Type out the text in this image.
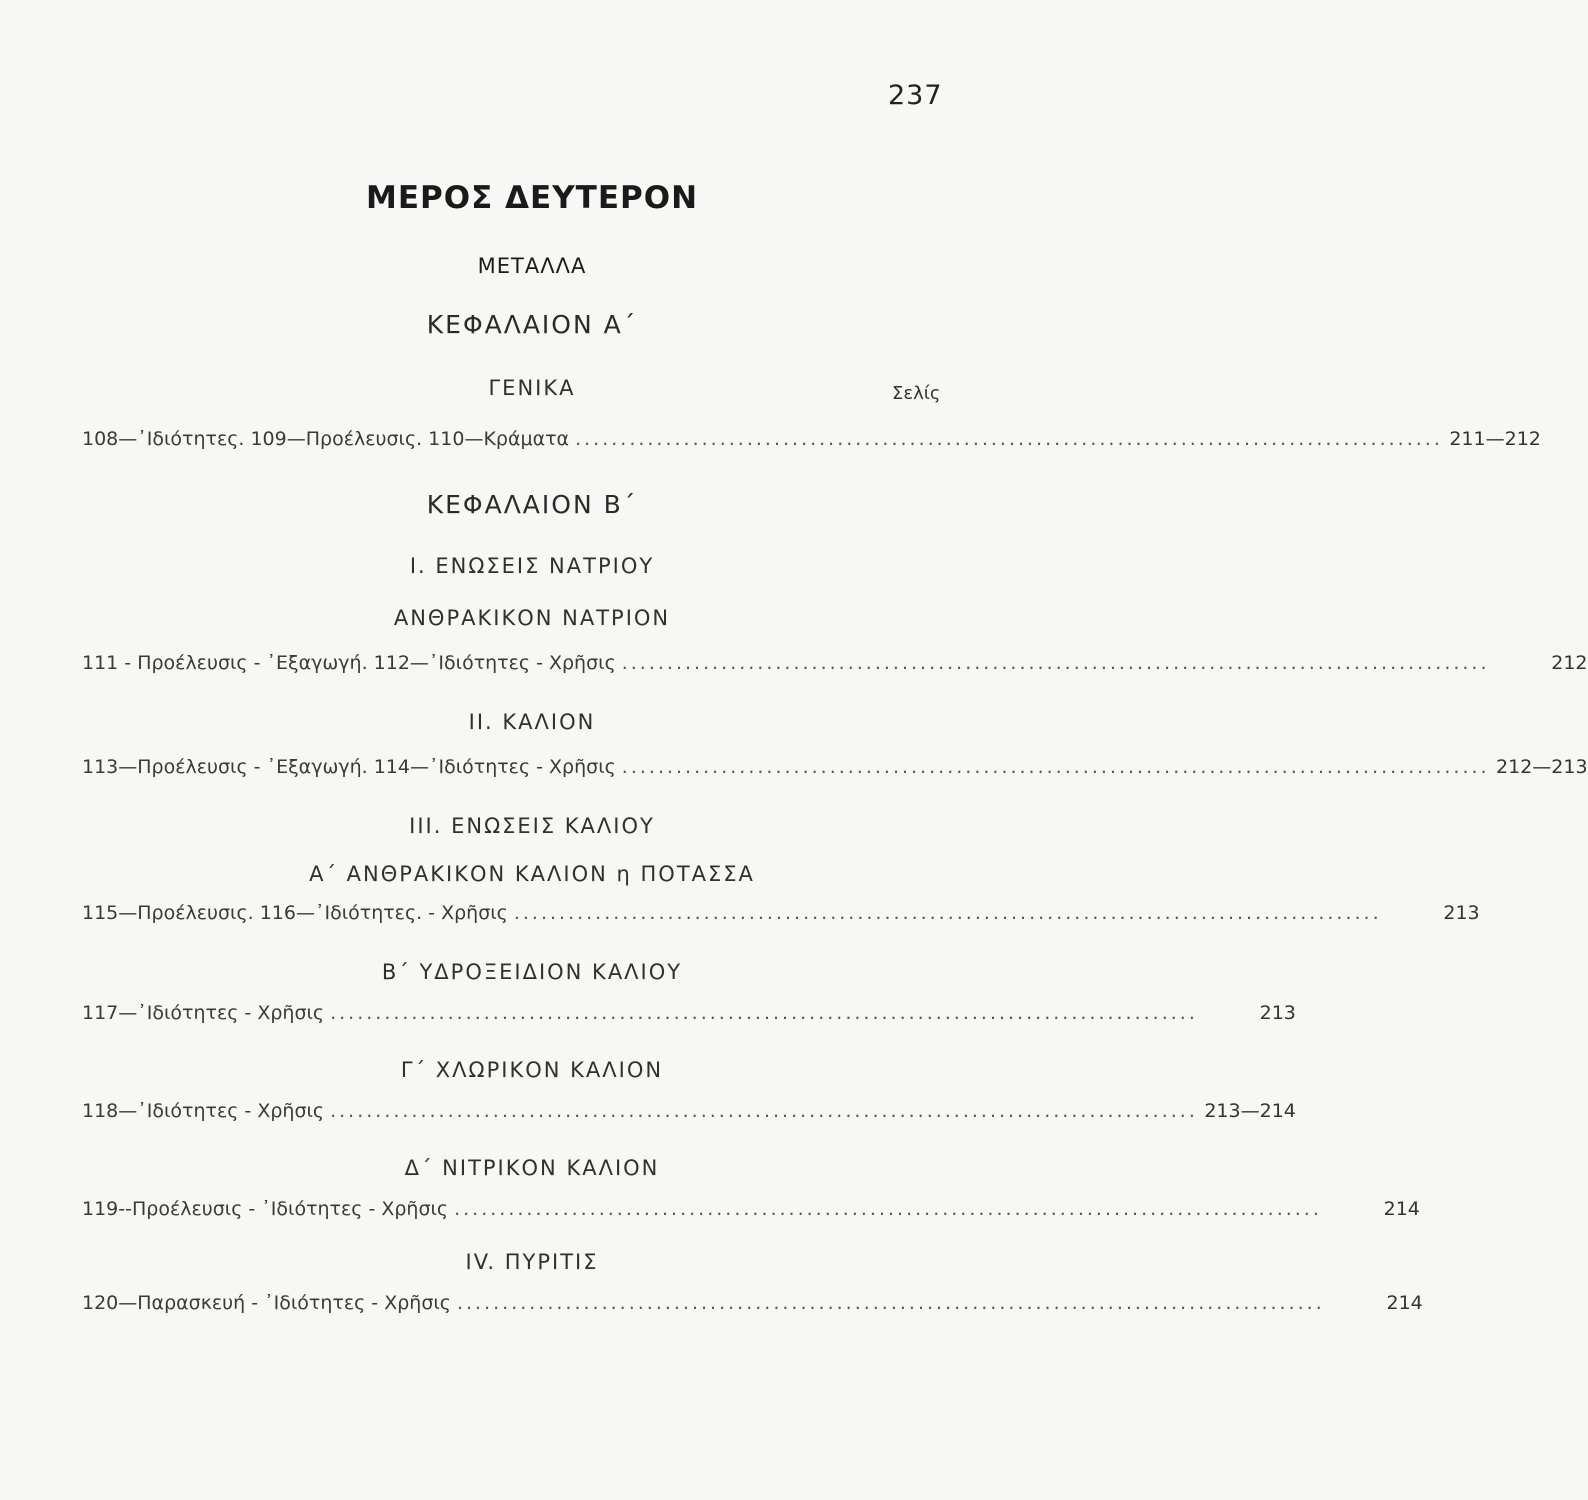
237
ΜΕΡΟΣ ΔΕΥΤΕΡΟΝ
ΜΕΤΑΛΛΑ
ΚΕΦΑΛΑΙΟΝ Α΄
ΓΕΝΙΚΑ	Σελίς
108—᾿Ιδιότητες. 109—Προέλευσις. 110—Κράματα ................................................................................................ 211—212
ΚΕΦΑΛΑΙΟΝ Β΄
Ι. ΕΝΩΣΕΙΣ ΝΑΤΡΙΟΥ
ΑΝΘΡΑΚΙΚΟΝ ΝΑΤΡΙΟΝ
111 - Προέλευσις - ᾿Εξαγωγή. 112—᾿Ιδιότητες - Χρῆσις ................................................................................................	212
ΙΙ. ΚΑΛΙΟΝ
113—Προέλευσις - ᾿Εξαγωγή. 114—᾿Ιδιότητες - Χρῆσις ................................................................................................ 212—213
ΙΙΙ. ΕΝΩΣΕΙΣ ΚΑΛΙΟΥ
Α΄ ΑΝΘΡΑΚΙΚΟΝ ΚΑΛΙΟΝ η ΠΟΤΑΣΣΑ
115—Προέλευσις. 116—᾿Ιδιότητες. - Χρῆσις ................................................................................................	213
Β΄ ΥΔΡΟΞΕΙΔΙΟΝ ΚΑΛΙΟΥ
117—᾿Ιδιότητες - Χρῆσις ................................................................................................	213
Γ΄ ΧΛΩΡΙΚΟΝ ΚΑΛΙΟΝ
118—᾿Ιδιότητες - Χρῆσις ................................................................................................ 213—214
Δ΄ ΝΙΤΡΙΚΟΝ ΚΑΛΙΟΝ
119--Προέλευσις - ᾿Ιδιότητες - Χρῆσις ................................................................................................	214
ΙV. ΠΥΡΙΤΙΣ
120—Παρασκευή - ᾿Ιδιότητες - Χρῆσις ................................................................................................	214
